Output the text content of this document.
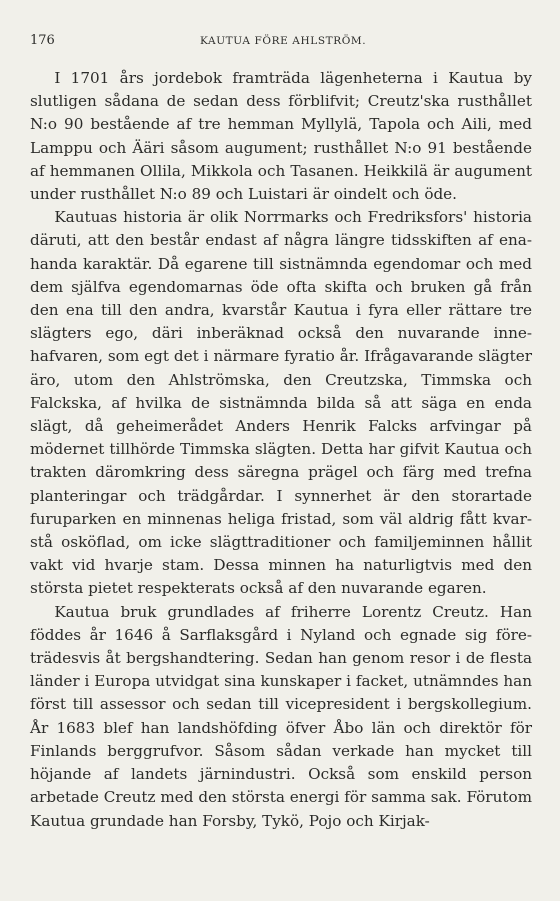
176	KAUTUA FÖRE AHLSTRÖM.

I 1701 års jordebok framträda lägenheterna i Kautua by slutligen sådana de sedan dess förblifvit; Creutz'ska rusthållet N:o 90 bestående af tre hemman Myllylä, Tapola och Aili, med Lamppu och Ääri såsom augument; rusthållet N:o 91 bestående af hemmanen Ollila, Mikkola och Tasanen. Heikkilä är augument under rusthållet N:o 89 och Luistari är oindelt och öde.

Kautuas historia är olik Norrmarks och Fredriksfors' historia däruti, att den består endast af några längre tidsskiften af enahanda karaktär. Då egarene till sistnämnda egendomar och med dem själfva egendomarnas öde ofta skifta och bruken gå från den ena till den andra, kvarstår Kautua i fyra eller rättare tre slägters ego, däri inberäknad också den nuvarande innehafvaren, som egt det i närmare fyratio år. Ifrågavarande slägter äro, utom den Ahlströmska, den Creutzska, Timmska och Falckska, af hvilka de sistnämnda bilda så att säga en enda slägt, då geheimerådet Anders Henrik Falcks arfvingar på mödernet tillhörde Timmska slägten. Detta har gifvit Kautua och trakten däromkring dess säregna prägel och färg med trefna planteringar och trädgårdar. I synnerhet är den storartade furuparken en minnenas heliga fristad, som väl aldrig fått kvarstå osköflad, om icke slägttraditioner och familjeminnen hållit vakt vid hvarje stam. Dessa minnen ha naturligtvis med den största pietet respekterats också af den nuvarande egaren.

Kautua bruk grundlades af friherre Lorentz Creutz. Han föddes år 1646 å Sarflaksgård i Nyland och egnade sig företrädesvis åt bergshandtering. Sedan han genom resor i de flesta länder i Europa utvidgat sina kunskaper i facket, utnämndes han först till assessor och sedan till vicepresident i bergskollegium. År 1683 blef han landshöfding öfver Åbo län och direktör för Finlands berggrufvor. Såsom sådan verkade han mycket till höjande af landets järnindustri. Också som enskild person arbetade Creutz med den största energi för samma sak. Förutom Kautua grundade han Forsby, Tykö, Pojo och Kirjak-
